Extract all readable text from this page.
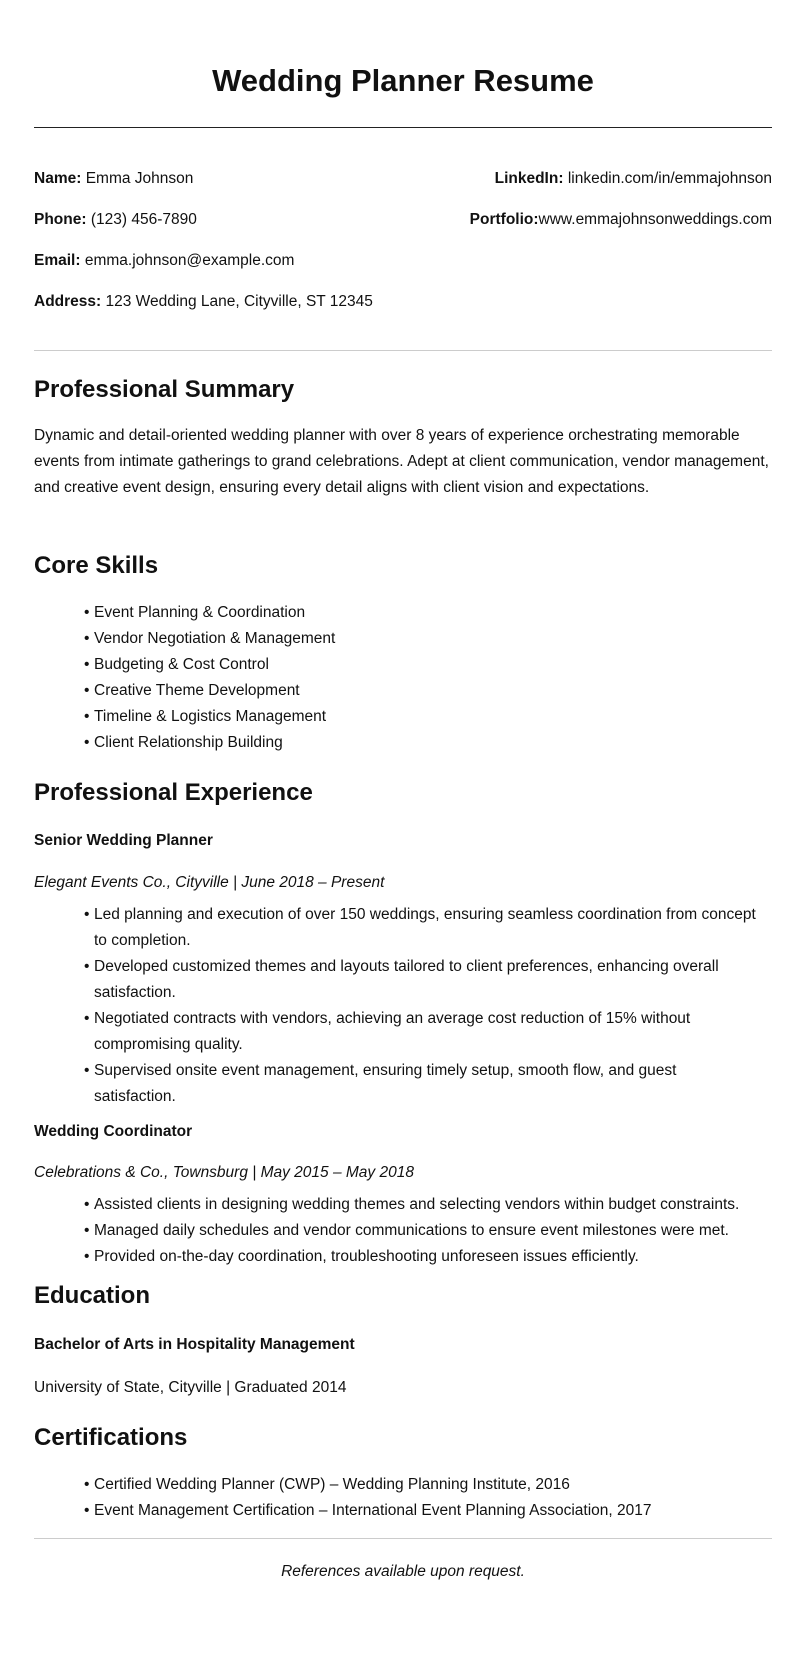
Wedding Planner Resume
Name: Emma Johnson	LinkedIn: linkedin.com/in/emmajohnson
Phone: (123) 456-7890	Portfolio:www.emmajohnsonweddings.com
Email: emma.johnson@example.com
Address: 123 Wedding Lane, Cityville, ST 12345
Professional Summary

Dynamic and detail-oriented wedding planner with over 8 years of experience orchestrating memorable events from intimate gatherings to grand celebrations. Adept at client communication, vendor management, and creative event design, ensuring every detail aligns with client vision and expectations.

Core Skills
• Event Planning & Coordination
• Vendor Negotiation & Management
• Budgeting & Cost Control
• Creative Theme Development
• Timeline & Logistics Management
• Client Relationship Building
Professional Experience
Senior Wedding Planner
Elegant Events Co., Cityville | June 2018 – Present
• Led planning and execution of over 150 weddings, ensuring seamless coordination from concept to completion.
• Developed customized themes and layouts tailored to client preferences, enhancing overall satisfaction.
• Negotiated contracts with vendors, achieving an average cost reduction of 15% without compromising quality.
• Supervised onsite event management, ensuring timely setup, smooth flow, and guest satisfaction.
Wedding Coordinator
Celebrations & Co., Townsburg | May 2015 – May 2018
• Assisted clients in designing wedding themes and selecting vendors within budget constraints.
• Managed daily schedules and vendor communications to ensure event milestones were met.
• Provided on-the-day coordination, troubleshooting unforeseen issues efficiently.
Education
Bachelor of Arts in Hospitality Management
University of State, Cityville | Graduated 2014
Certifications
• Certified Wedding Planner (CWP) – Wedding Planning Institute, 2016
• Event Management Certification – International Event Planning Association, 2017
References available upon request.
